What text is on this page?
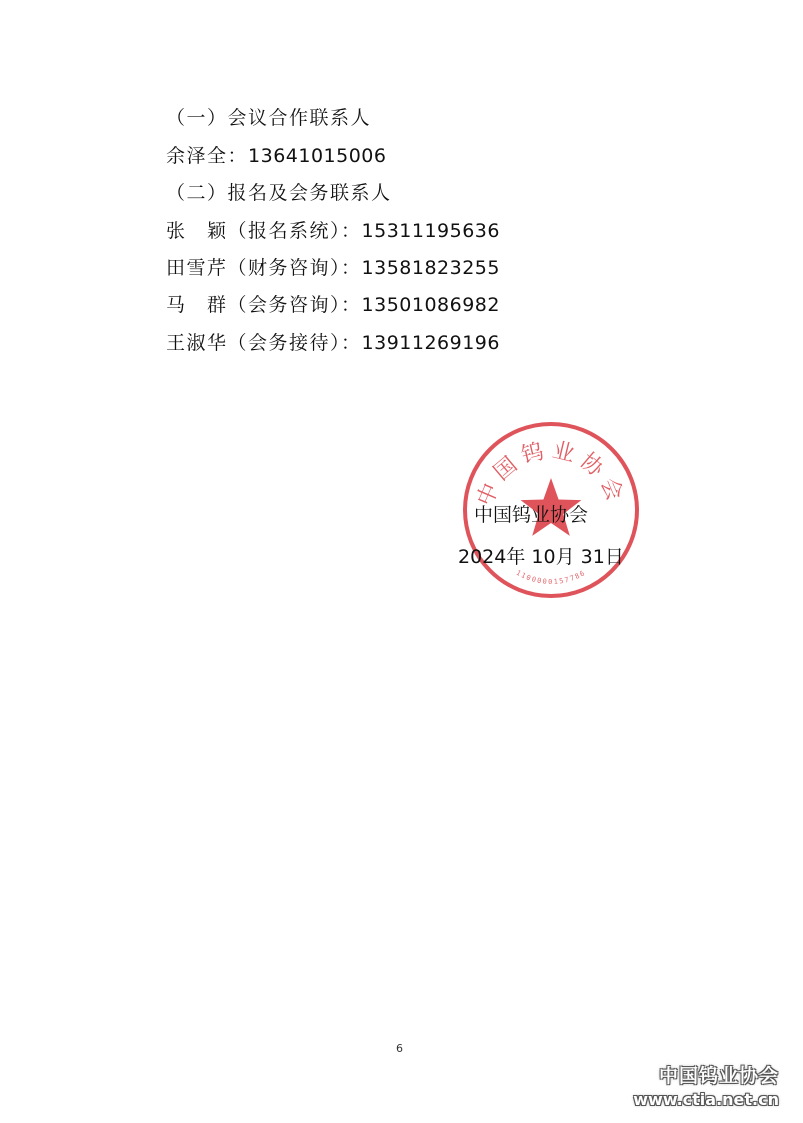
（一）会议合作联系人
余泽全：13641015006
（二）报名及会务联系人
张　颖（报名系统）：15311195636
田雪芹（财务咨询）：13581823255
马　群（会务咨询）：13501086982
王淑华（会务接待）：13911269196
中国钨业协会
1100000157786
中国钨业协会
2024年 10月 31日
6
中国钨业协会
www.ctia.net.cn
